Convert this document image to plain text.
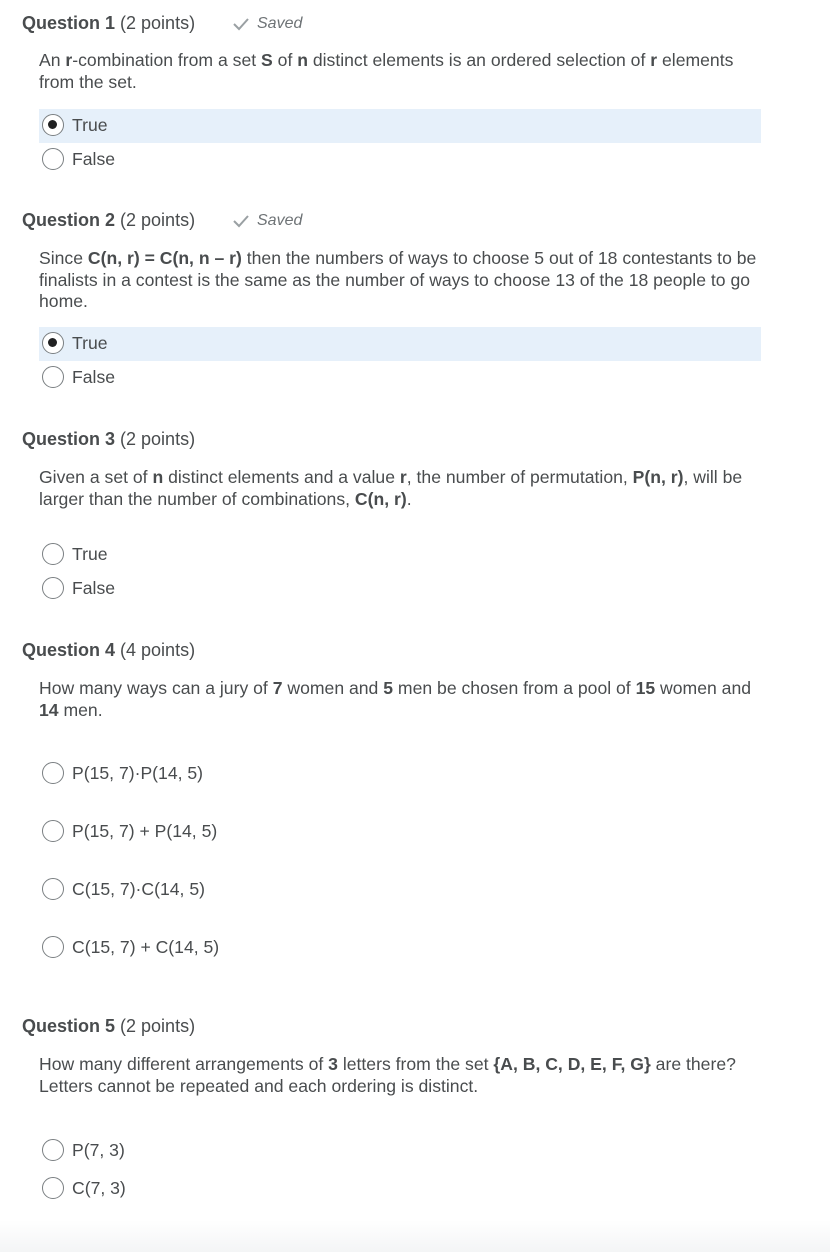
Question 1 (2 points)	Saved
An r-combination from a set S of n distinct elements is an ordered selection of r elements from the set.
True
False
Question 2 (2 points)	Saved
Since C(n, r) = C(n, n – r) then the numbers of ways to choose 5 out of 18 contestants to be finalists in a contest is the same as the number of ways to choose 13 of the 18 people to go home.
True
False
Question 3 (2 points)
Given a set of n distinct elements and a value r, the number of permutation, P(n, r), will be larger than the number of combinations, C(n, r).
True
False
Question 4 (4 points)
How many ways can a jury of 7 women and 5 men be chosen from a pool of 15 women and 14 men.
P(15, 7)·P(14, 5)
P(15, 7) + P(14, 5)
C(15, 7)·C(14, 5)
C(15, 7) + C(14, 5)
Question 5 (2 points)
How many different arrangements of 3 letters from the set {A, B, C, D, E, F, G} are there? Letters cannot be repeated and each ordering is distinct.
P(7, 3)
C(7, 3)
